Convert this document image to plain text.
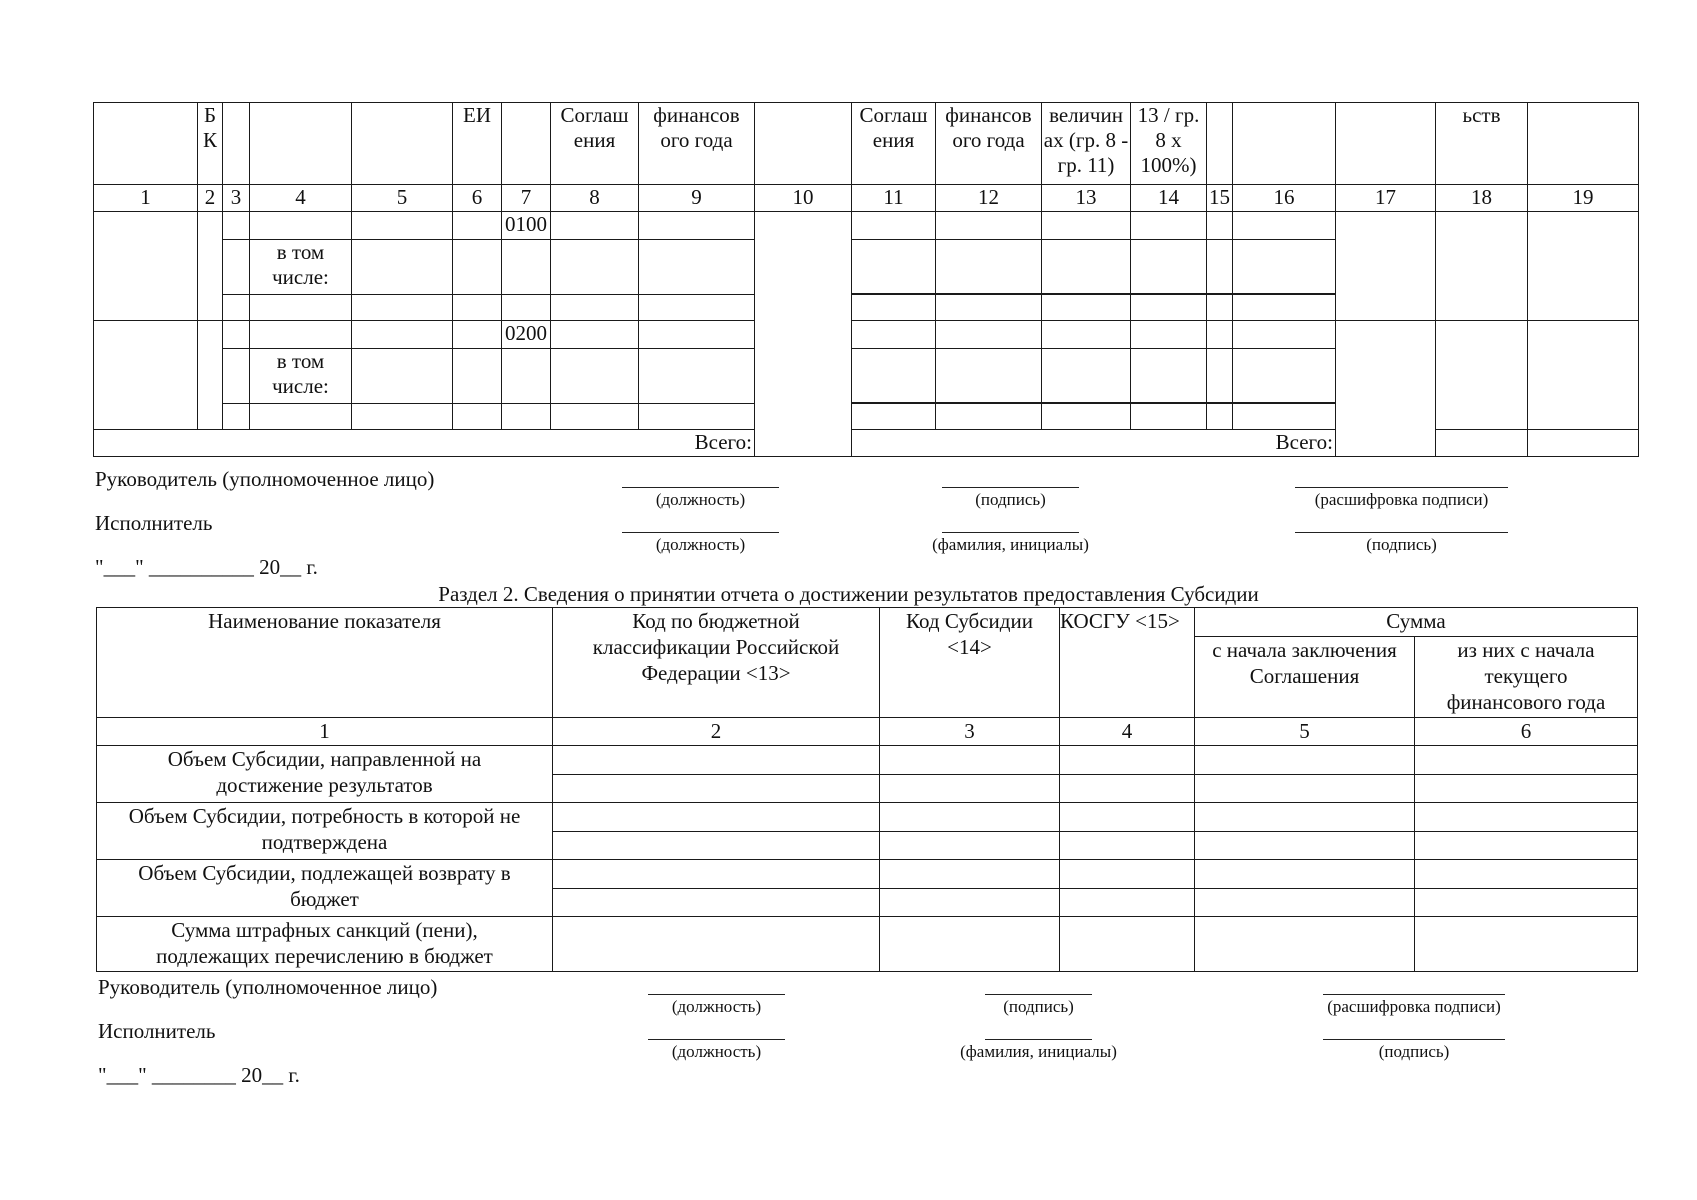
	Б К				ЕИ		Соглаш ения	финансов ого года		Соглаш ения	финансов ого года	величин ах (гр. 8 - гр. 11)	13 / гр. 8 х 100%)				ьств		
1	2	3	4	5	6	7	8	9	10	11	12	13	14	15	16	17	18	19	
						0100													
			в том числе:																

						0200													
			в том числе:																

Всего:										Всего:									
Руководитель (уполномоченное лицо)
Исполнитель
"___" __________ 20__ г.
(должность)	(подпись)	(расшифровка подписи)
(должность)	(фамилия, инициалы)	(подпись)
Раздел 2. Сведения о принятии отчета о достижении результатов предоставления Субсидии
Наименование показателя	Код по бюджетной классификации Российской Федерации <13>	Код Субсидии <14>	КОСГУ <15>	Сумма	
				с начала заключения Соглашения	из них с начала текущего финансового года
1	2	3	4	5	6
Объем Субсидии, направленной на достижение результатов					

Объем Субсидии, потребность в которой не подтверждена					

Объем Субсидии, подлежащей возврату в бюджет					

Сумма штрафных санкций (пени), подлежащих перечислению в бюджет					
Руководитель (уполномоченное лицо)
Исполнитель
"___" ________ 20__ г.
(должность)	(подпись)	(расшифровка подписи)
(должность)	(фамилия, инициалы)	(подпись)
